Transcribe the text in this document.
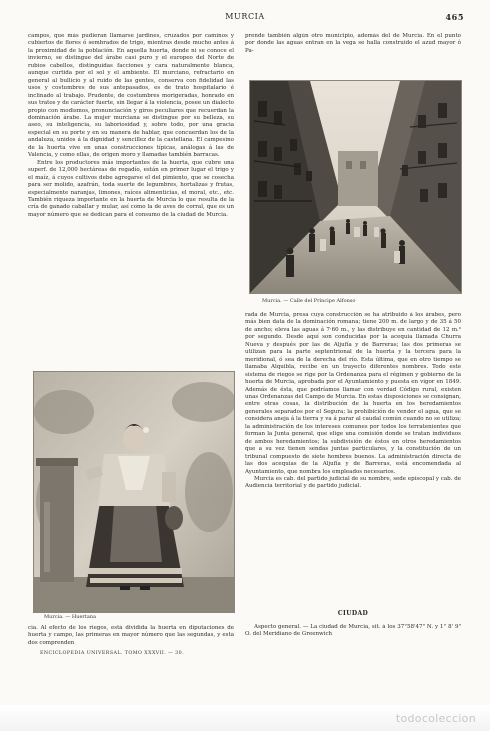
MURCIA	465

campos, que más pudieran llamarse jardines, cruzados por caminos y cubiertos de flores ó sembrados de trigo, mientras desde mucho antes á la proximidad de la población. En aquella huerta, donde ni se conoce el invierno, se distingue del árabe casi puro y el europeo del Norte de rubios cabellos, distinguidas facciones y cara naturalmente blanca, aunque curtida por el sol y el ambiente. El murciano, refractario en general al bullicio y al ruido de las gentes, conserva con fidelidad las usos y costumbres de sus antepasados, es de trato hospitalario é inclinado al trabajo. Prudente, de costumbres morigeradas, honrado en sus tratos y de carácter fuerte, sin llegar á la violencia, posee un dialecto propio con modismos, pronunciación y giros peculiares que recuerdan la dominación árabe. La mujer murciana se distingue por su belleza, su aseo, su inteligencia, su laboriosidad y, sobre todo, por una gracia especial en su porte y en su manera de hablar, que concuerdan los de la andaluza, unidos á la dignidad y sencillez de la castellana. El campesino de la huerta vive en unas construcciones típicas, análogas á las de Valencia, y como ellas, de origen moro y llamadas también barracas.

Entre los productores más importantes de la huerta, que cubre una superf. de 12,000 hectáreas de regadío, están en primer lugar el trigo y el maíz, á cuyos cultivos debe agregarse el del pimiento, que se cosecha para ser molido, azafrán, toda suerte de legumbres, hortalizas y frutas, especialmente naranjas, limones, raíces alimenticias, el moral, etc., etc. También riqueza importante en la huerta de Murcia lo que resulta de la cría de ganado caballar y mular, así como la de aves de corral, que es un mayor número que se dedican para el consumo de la ciudad de Murcia.

prende también algún otro municipio, además del de Murcia. En el punto por donde las aguas entran en la vega se halla construido el azud mayor ó Pa-

Murcia. — Calle del Príncipe Alfonso

rada de Murcia, presa cuya construcción se ha atribuido á los árabes, pero más bien data de la dominación romana; tiene 200 m. de largo y de 35 á 50 de ancho; eleva las aguas á 7·60 m., y las distribuye en cantidad de 12 m.³ por segundo. Desde aquí son conducidas por la acequia llamada Churra Nueva y después por las de Aljufía y de Barreras; las dos primeras se utilizan para la parte septentrional de la huerta y la tercera para la meridional, ó sea de la derecha del río. Esta última, que en otro tiempo se llamaba Alquibla, recibe en un trayecto diferentes nombres. Todo este sistema de riegos se rige por la Ordenanza para el régimen y gobierno de la huerta de Murcia, aprobada por el Ayuntamiento y puesta en vigor en 1849. Además de ésta, que podríamos llamar con verdad Código rural, existen unas Ordenanzas del Campo de Murcia. En estas disposiciones se consignan, entre otras cosas, la distribución de la huerta en los heredamientos generales separados por el Segura; la prohibición de vender el agua, que se considera aneja á la tierra y va á parar al caudal común cuando no se utiliza; la administración de los intereses comunes por todos los terratenientes que forman la Junta general, que elige una comisión donde se tratan individuos de ambos heredamientos; la subdivisión de éstos en otros heredamientos que a su vez tienen sendas juntas particulares, y la constitución de un tribunal compuesto de siete hombres buenos. La administración directa de las dos acequias de la Aljufía y de Barreras, está encomendada al Ayuntamiento, que nombra los empleados necesarios.

Murcia es cab. del partido judicial de su nombre, sede episcopal y cab. de Audiencia territorial y de partido judicial.

Murcia. — Huertana

cia. Al efecto de los riegos, está dividida la huerta en diputaciones de huerta y campo, las primeras en mayor número que las segundas, y esta dos comprenden

CIUDAD

Aspecto general. — La ciudad de Murcia, sit. á los 37°58'47" N. y 1° 8' 9" O. del Meridiano de Greenwich

ENCICLOPEDIA UNIVERSAL. TOMO XXXVII. — 30.
todocoleccion
